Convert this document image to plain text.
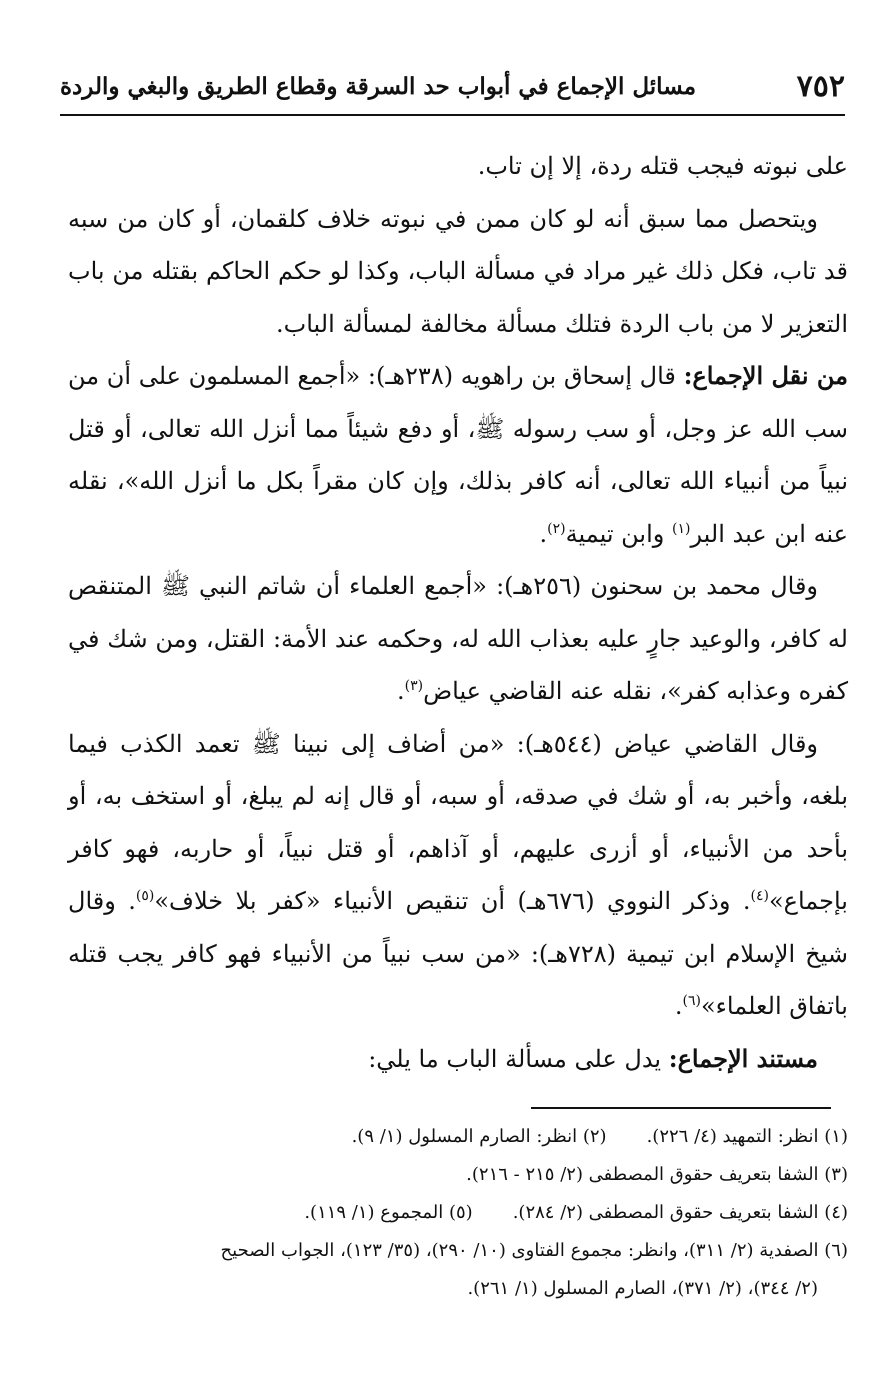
مسائل الإجماع في أبواب حد السرقة وقطاع الطريق والبغي والردة	٧٥٢

على نبوته فيجب قتله ردة، إلا إن تاب.

ويتحصل مما سبق أنه لو كان ممن في نبوته خلاف كلقمان، أو كان من سبه قد تاب، فكل ذلك غير مراد في مسألة الباب، وكذا لو حكم الحاكم بقتله من باب التعزير لا من باب الردة فتلك مسألة مخالفة لمسألة الباب.

من نقل الإجماع: قال إسحاق بن راهويه (٢٣٨هـ): «أجمع المسلمون على أن من سب الله عز وجل، أو سب رسوله ﷺ، أو دفع شيئاً مما أنزل الله تعالى، أو قتل نبياً من أنبياء الله تعالى، أنه كافر بذلك، وإن كان مقراً بكل ما أنزل الله»، نقله عنه ابن عبد البر$^{(١)}$ وابن تيمية$^{(٢)}$.

وقال محمد بن سحنون (٢٥٦هـ): «أجمع العلماء أن شاتم النبي ﷺ المتنقص له كافر، والوعيد جارٍ عليه بعذاب الله له، وحكمه عند الأمة: القتل، ومن شك في كفره وعذابه كفر»، نقله عنه القاضي عياض$^{(٣)}$.

وقال القاضي عياض (٥٤٤هـ): «من أضاف إلى نبينا ﷺ تعمد الكذب فيما بلغه، وأخبر به، أو شك في صدقه، أو سبه، أو قال إنه لم يبلغ، أو استخف به، أو بأحد من الأنبياء، أو أزرى عليهم، أو آذاهم، أو قتل نبياً، أو حاربه، فهو كافر بإجماع»$^{(٤)}$. وذكر النووي (٦٧٦هـ) أن تنقيص الأنبياء «كفر بلا خلاف»$^{(٥)}$. وقال شيخ الإسلام ابن تيمية (٧٢٨هـ): «من سب نبياً من الأنبياء فهو كافر يجب قتله باتفاق العلماء»$^{(٦)}$.

مستند الإجماع: يدل على مسألة الباب ما يلي:

(١) انظر: التمهيد (٤/ ٢٢٦).
(٢) انظر: الصارم المسلول (١/ ٩).
(٣) الشفا بتعريف حقوق المصطفى (٢/ ٢١٥ - ٢١٦).
(٤) الشفا بتعريف حقوق المصطفى (٢/ ٢٨٤).
(٥) المجموع (١/ ١١٩).
(٦) الصفدية (٢/ ٣١١)، وانظر: مجموع الفتاوى (١٠/ ٢٩٠)، (٣٥/ ١٢٣)، الجواب الصحيح
(٢/ ٣٤٤)، (٢/ ٣٧١)، الصارم المسلول (١/ ٢٦١).
